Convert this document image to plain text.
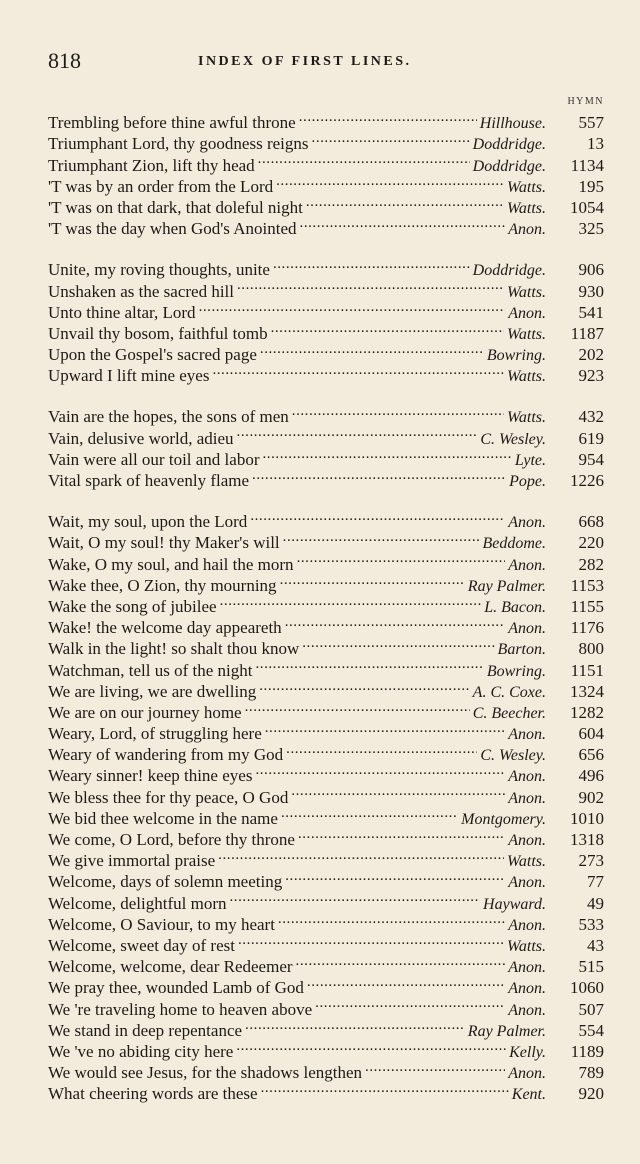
818	INDEX OF FIRST LINES.
HYMN
Trembling before thine awful throne . . .	Hillhouse.	557
Triumphant Lord, thy goodness reigns . . .	Doddridge.	13
Triumphant Zion, lift thy head . . .	Doddridge.	1134
'T was by an order from the Lord . . .	Watts.	195
'T was on that dark, that doleful night . . .	Watts.	1054
'T was the day when God's Anointed . . .	Anon.	325
Unite, my roving thoughts, unite . . .	Doddridge.	906
Unshaken as the sacred hill . . .	Watts.	930
Unto thine altar, Lord . . .	Anon.	541
Unvail thy bosom, faithful tomb . . .	Watts.	1187
Upon the Gospel's sacred page . . .	Bowring.	202
Upward I lift mine eyes . . .	Watts.	923
Vain are the hopes, the sons of men . . .	Watts.	432
Vain, delusive world, adieu . . .	C. Wesley.	619
Vain were all our toil and labor . . .	Lyte.	954
Vital spark of heavenly flame . . .	Pope.	1226
Wait, my soul, upon the Lord . . .	Anon.	668
Wait, O my soul! thy Maker's will . . .	Beddome.	220
Wake, O my soul, and hail the morn . . .	Anon.	282
Wake thee, O Zion, thy mourning . . .	Ray Palmer.	1153
Wake the song of jubilee . . .	L. Bacon.	1155
Wake! the welcome day appeareth . . .	Anon.	1176
Walk in the light! so shalt thou know . . .	Barton.	800
Watchman, tell us of the night . . .	Bowring.	1151
We are living, we are dwelling . . .	A. C. Coxe.	1324
We are on our journey home . . .	C. Beecher.	1282
Weary, Lord, of struggling here . . .	Anon.	604
Weary of wandering from my God . . .	C. Wesley.	656
Weary sinner! keep thine eyes . . .	Anon.	496
We bless thee for thy peace, O God . . .	Anon.	902
We bid thee welcome in the name . . .	Montgomery.	1010
We come, O Lord, before thy throne . . .	Anon.	1318
We give immortal praise . . .	Watts.	273
Welcome, days of solemn meeting . . .	Anon.	77
Welcome, delightful morn . . .	Hayward.	49
Welcome, O Saviour, to my heart . . .	Anon.	533
Welcome, sweet day of rest . . .	Watts.	43
Welcome, welcome, dear Redeemer . . .	Anon.	515
We pray thee, wounded Lamb of God . . .	Anon.	1060
We 're traveling home to heaven above . . .	Anon.	507
We stand in deep repentance . . .	Ray Palmer.	554
We 've no abiding city here . . .	Kelly.	1189
We would see Jesus, for the shadows lengthen . . .	Anon.	789
What cheering words are these . . .	Kent.	920
